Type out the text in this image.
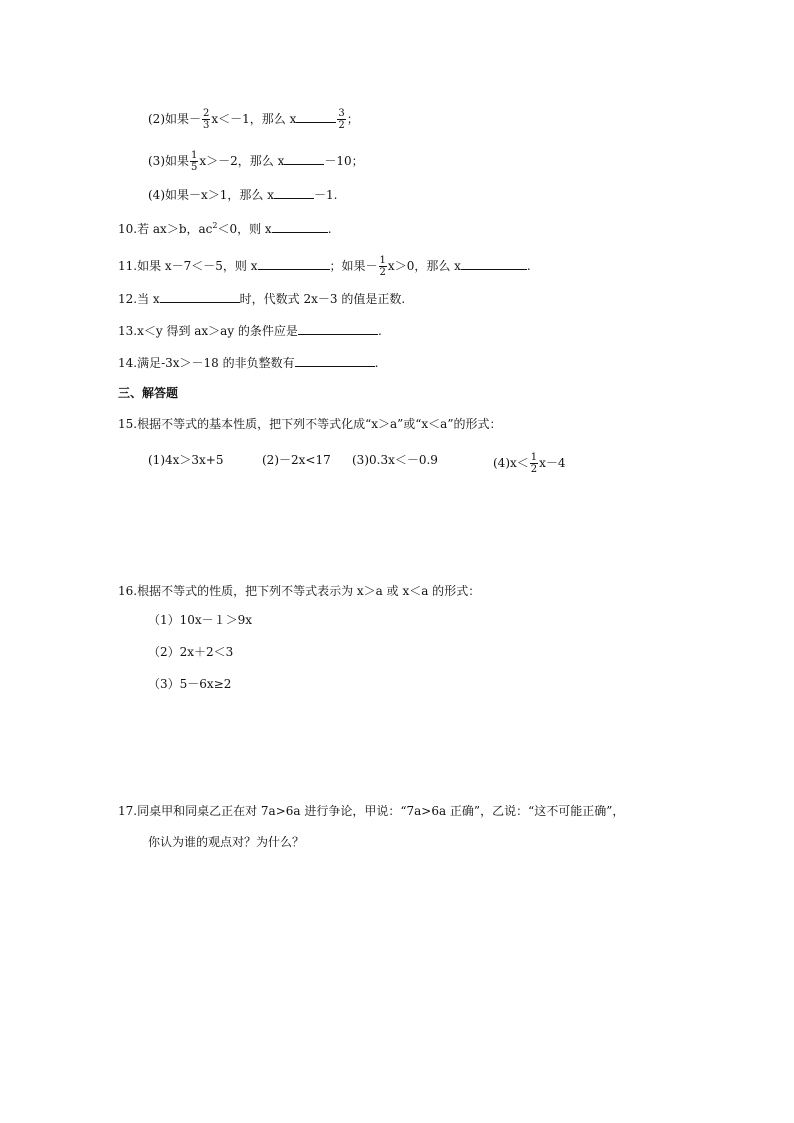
(2)如果－ $\frac{2}{3} x<-1$，那么 x	$\frac{3}{2}$ ；
(3)如果 $\frac{1}{5} x>-2$，那么 x	－10；
(4)如果－x＞1，那么 x	－1.
10.若 ax＞b，$ac^2<0$，则 x	.
11.如果 x－7＜－5，则 x	；如果－ $\frac{1}{2} x>0$，那么 x	.
12.当 x	时，代数式 2x－3 的值是正数.
13.x＜y 得到 ax＞ay 的条件应是	.
14.满足-3x＞－18 的非负整数有	.
三、解答题
15.根据不等式的基本性质，把下列不等式化成“x＞a”或“x＜a”的形式：
(1)4x＞3x+5	(2)－2x<17 (3)0.3x＜－0.9	$(4)x< \frac{1}{2} x-4$
16.根据不等式的性质，把下列不等式表示为 x＞a 或 x＜a 的形式：
（1）10x－１＞9x
（2）2x＋2＜3
（3）5－6x≥2
17.同桌甲和同桌乙正在对 7a>6a 进行争论，甲说：“7a>6a 正确”，乙说：“这不可能正确”，
你认为谁的观点对？为什么？
